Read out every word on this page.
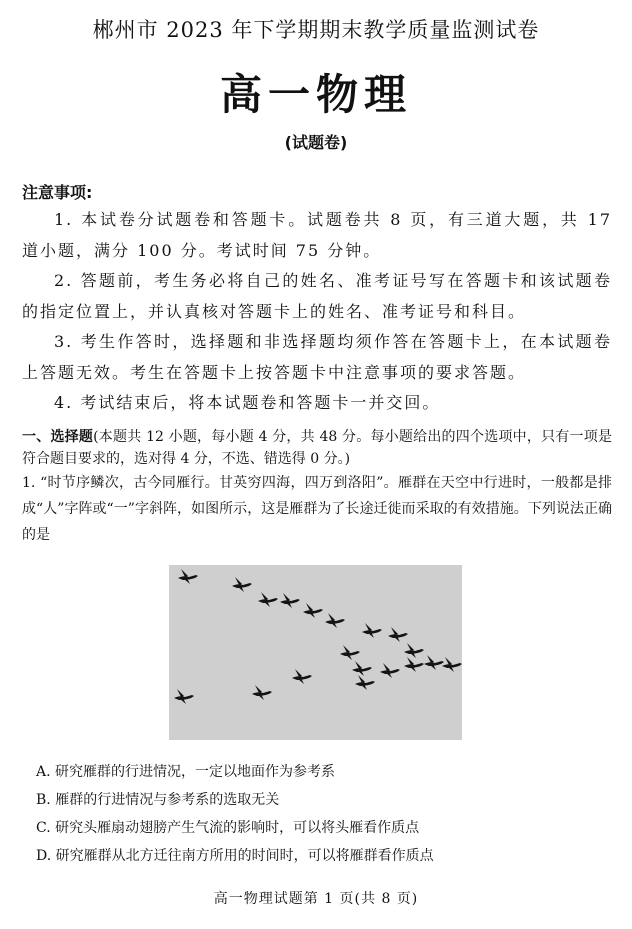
郴州市 2023 年下学期期末教学质量监测试卷
高一物理
(试题卷)
注意事项:

1. 本试卷分试题卷和答题卡。试题卷共 8 页，有三道大题，共 17 道小题，满分 100 分。考试时间 75 分钟。

2. 答题前，考生务必将自己的姓名、准考证号写在答题卡和该试题卷的指定位置上，并认真核对答题卡上的姓名、准考证号和科目。

3. 考生作答时，选择题和非选择题均须作答在答题卡上，在本试题卷上答题无效。考生在答题卡上按答题卡中注意事项的要求答题。

4. 考试结束后，将本试题卷和答题卡一并交回。

一、选择题(本题共 12 小题，每小题 4 分，共 48 分。每小题给出的四个选项中，只有一项是符合题目要求的，选对得 4 分，不选、错选得 0 分。)
1. “时节序鳞次，古今同雁行。甘英穷四海，四万到洛阳”。雁群在天空中行进时，一般都是排成“人”字阵或“一”字斜阵，如图所示，这是雁群为了长途迁徙而采取的有效措施。下列说法正确的是
A. 研究雁群的行进情况，一定以地面作为参考系
B. 雁群的行进情况与参考系的选取无关
C. 研究头雁扇动翅膀产生气流的影响时，可以将头雁看作质点
D. 研究雁群从北方迁往南方所用的时间时，可以将雁群看作质点
高一物理试题第 1 页(共 8 页)
